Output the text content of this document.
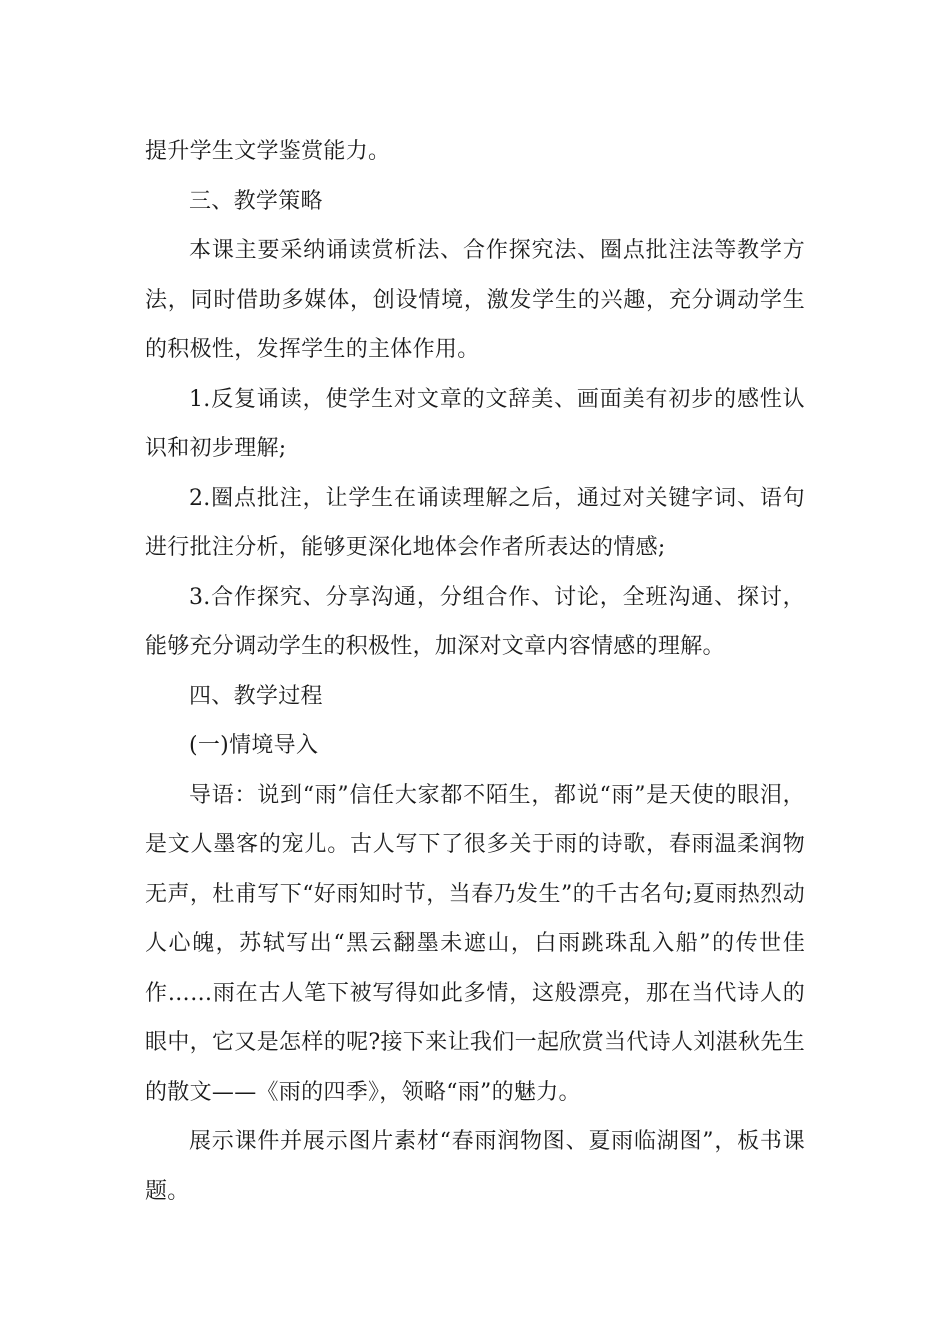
提升学生文学鉴赏能力。

三、教学策略

本课主要采纳诵读赏析法、合作探究法、圈点批注法等教学方法，同时借助多媒体，创设情境，激发学生的兴趣，充分调动学生的积极性，发挥学生的主体作用。

1.反复诵读，使学生对文章的文辞美、画面美有初步的感性认识和初步理解;

2.圈点批注，让学生在诵读理解之后，通过对关键字词、语句进行批注分析，能够更深化地体会作者所表达的情感;

3.合作探究、分享沟通，分组合作、讨论，全班沟通、探讨，能够充分调动学生的积极性，加深对文章内容情感的理解。

四、教学过程

(一)情境导入

导语：说到“雨”信任大家都不陌生，都说“雨”是天使的眼泪，是文人墨客的宠儿。古人写下了很多关于雨的诗歌，春雨温柔润物无声，杜甫写下“好雨知时节，当春乃发生”的千古名句;夏雨热烈动人心魄，苏轼写出“黑云翻墨未遮山，白雨跳珠乱入船”的传世佳作……雨在古人笔下被写得如此多情，这般漂亮，那在当代诗人的眼中，它又是怎样的呢?接下来让我们一起欣赏当代诗人刘湛秋先生的散文——《雨的四季》，领略“雨”的魅力。

展示课件并展示图片素材“春雨润物图、夏雨临湖图”，板书课题。
